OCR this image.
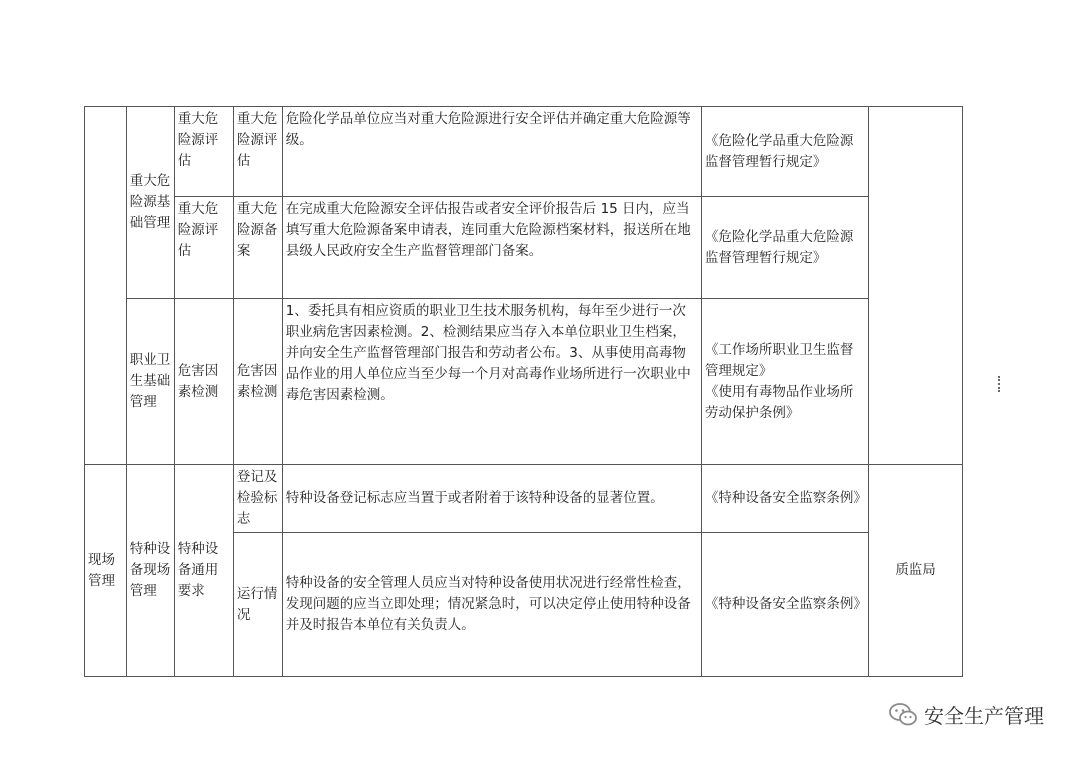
	重大危险源基础管理	重大危险源评估	重大危险源评估	危险化学品单位应当对重大危险源进行安全评估并确定重大危险源等级。	《危险化学品重大危险源监督管理暂行规定》	
		重大危险源评估	重大危险源备案	在完成重大危险源安全评估报告或者安全评价报告后 15 日内，应当填写重大危险源备案申请表，连同重大危险源档案材料，报送所在地县级人民政府安全生产监督管理部门备案。	《危险化学品重大危险源监督管理暂行规定》	
	职业卫生基础管理	危害因素检测	危害因素检测	1、委托具有相应资质的职业卫生技术服务机构，每年至少进行一次职业病危害因素检测。2、检测结果应当存入本单位职业卫生档案，并向安全生产监督管理部门报告和劳动者公布。3、从事使用高毒物品作业的用人单位应当至少每一个月对高毒作业场所进行一次职业中毒危害因素检测。	《工作场所职业卫生监督管理规定》
《使用有毒物品作业场所劳动保护条例》	
现场管理	特种设备现场管理	特种设备通用要求	登记及检验标志	特种设备登记标志应当置于或者附着于该特种设备的显著位置。	《特种设备安全监察条例》	质监局
			运行情况	特种设备的安全管理人员应当对特种设备使用状况进行经常性检查，发现问题的应当立即处理；情况紧急时，可以决定停止使用特种设备并及时报告本单位有关负责人。	《特种设备安全监察条例》	
安全生产管理
